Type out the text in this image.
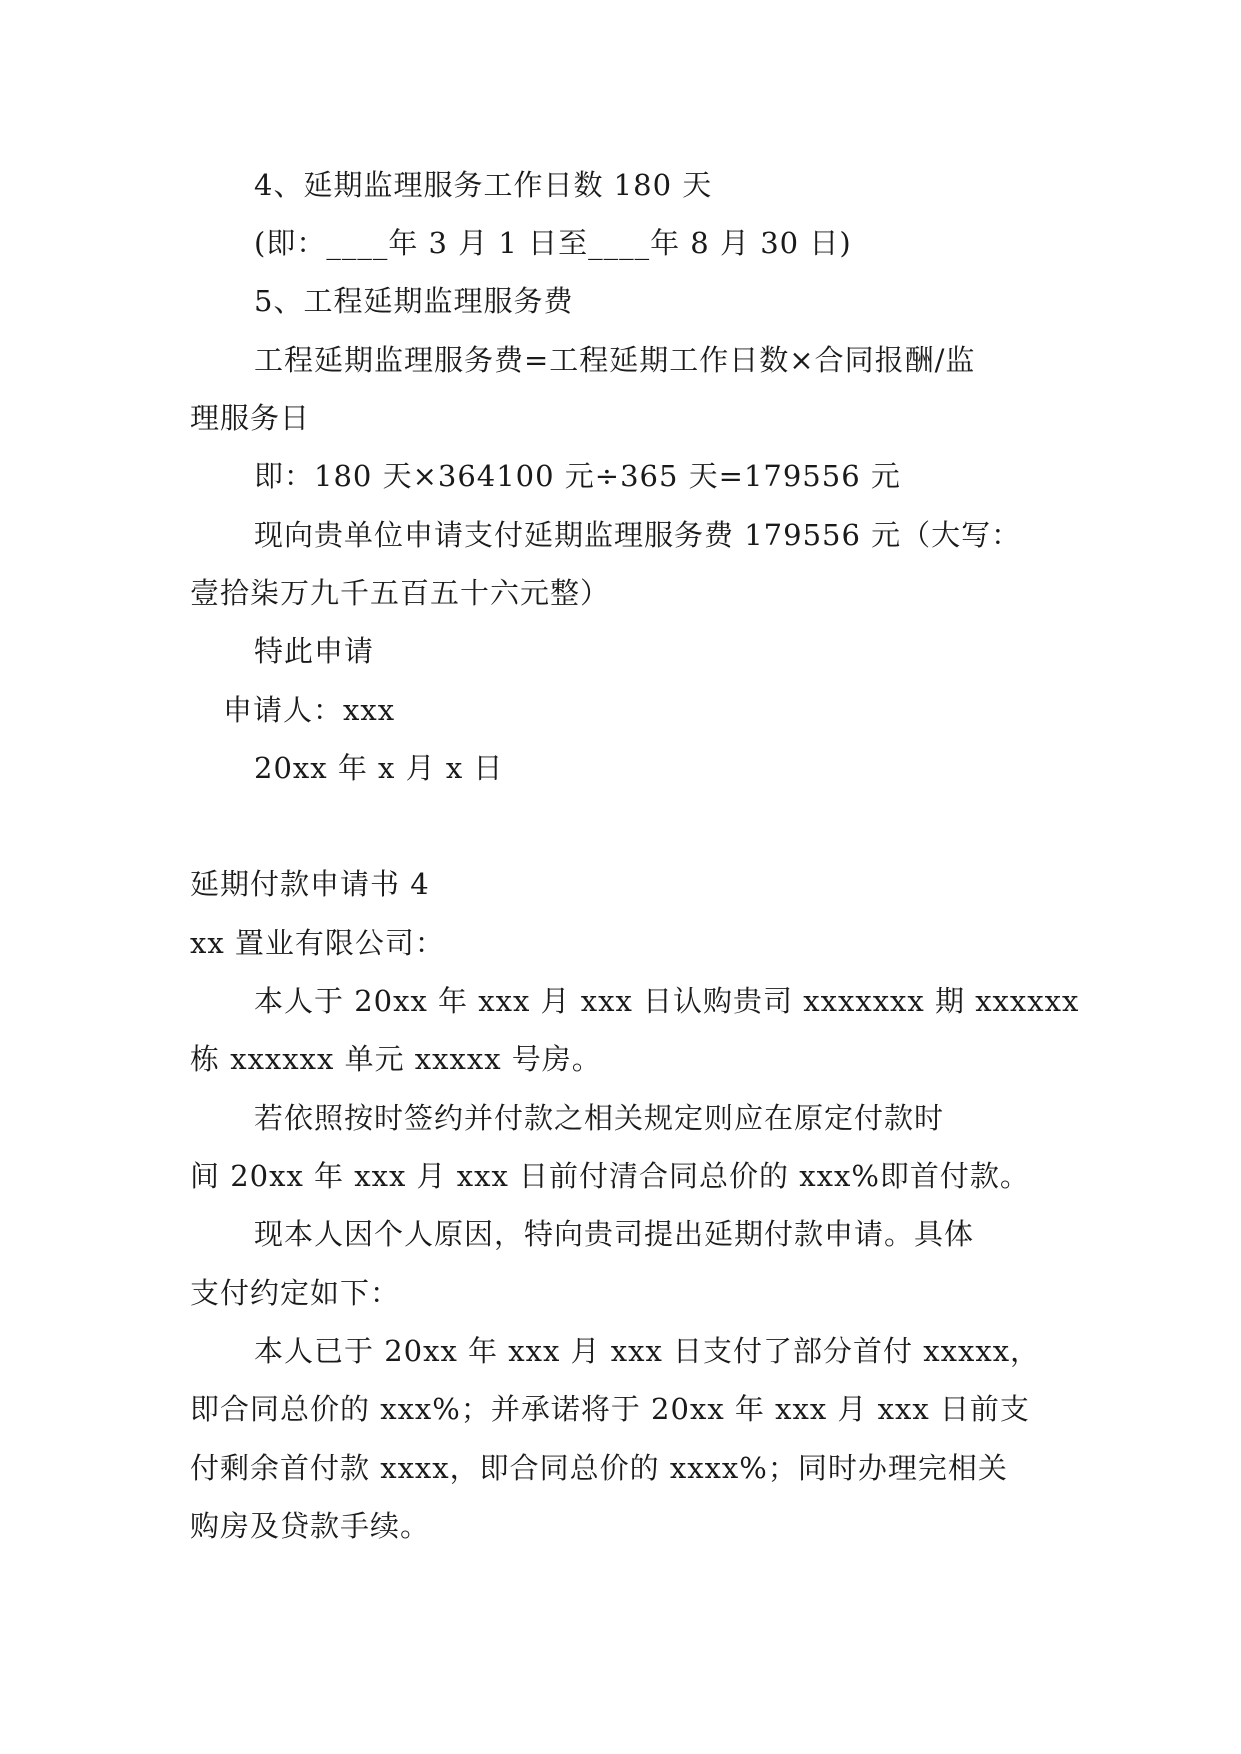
4、延期监理服务工作日数 180 天
(即：____年 3 月 1 日至____年 8 月 30 日)
5、工程延期监理服务费
工程延期监理服务费=工程延期工作日数×合同报酬/监
理服务日
即：180 天×364100 元÷365 天=179556 元
现向贵单位申请支付延期监理服务费 179556 元（大写：
壹拾柒万九千五百五十六元整）
特此申请
申请人：xxx
20xx 年 x 月 x 日
延期付款申请书 4
xx 置业有限公司：
本人于 20xx 年 xxx 月 xxx 日认购贵司 xxxxxxx 期 xxxxxx
栋 xxxxxx 单元 xxxxx 号房。
若依照按时签约并付款之相关规定则应在原定付款时
间 20xx 年 xxx 月 xxx 日前付清合同总价的 xxx%即首付款。
现本人因个人原因，特向贵司提出延期付款申请。具体
支付约定如下：
本人已于 20xx 年 xxx 月 xxx 日支付了部分首付 xxxxx，
即合同总价的 xxx%；并承诺将于 20xx 年 xxx 月 xxx 日前支
付剩余首付款 xxxx，即合同总价的 xxxx%；同时办理完相关
购房及贷款手续。
